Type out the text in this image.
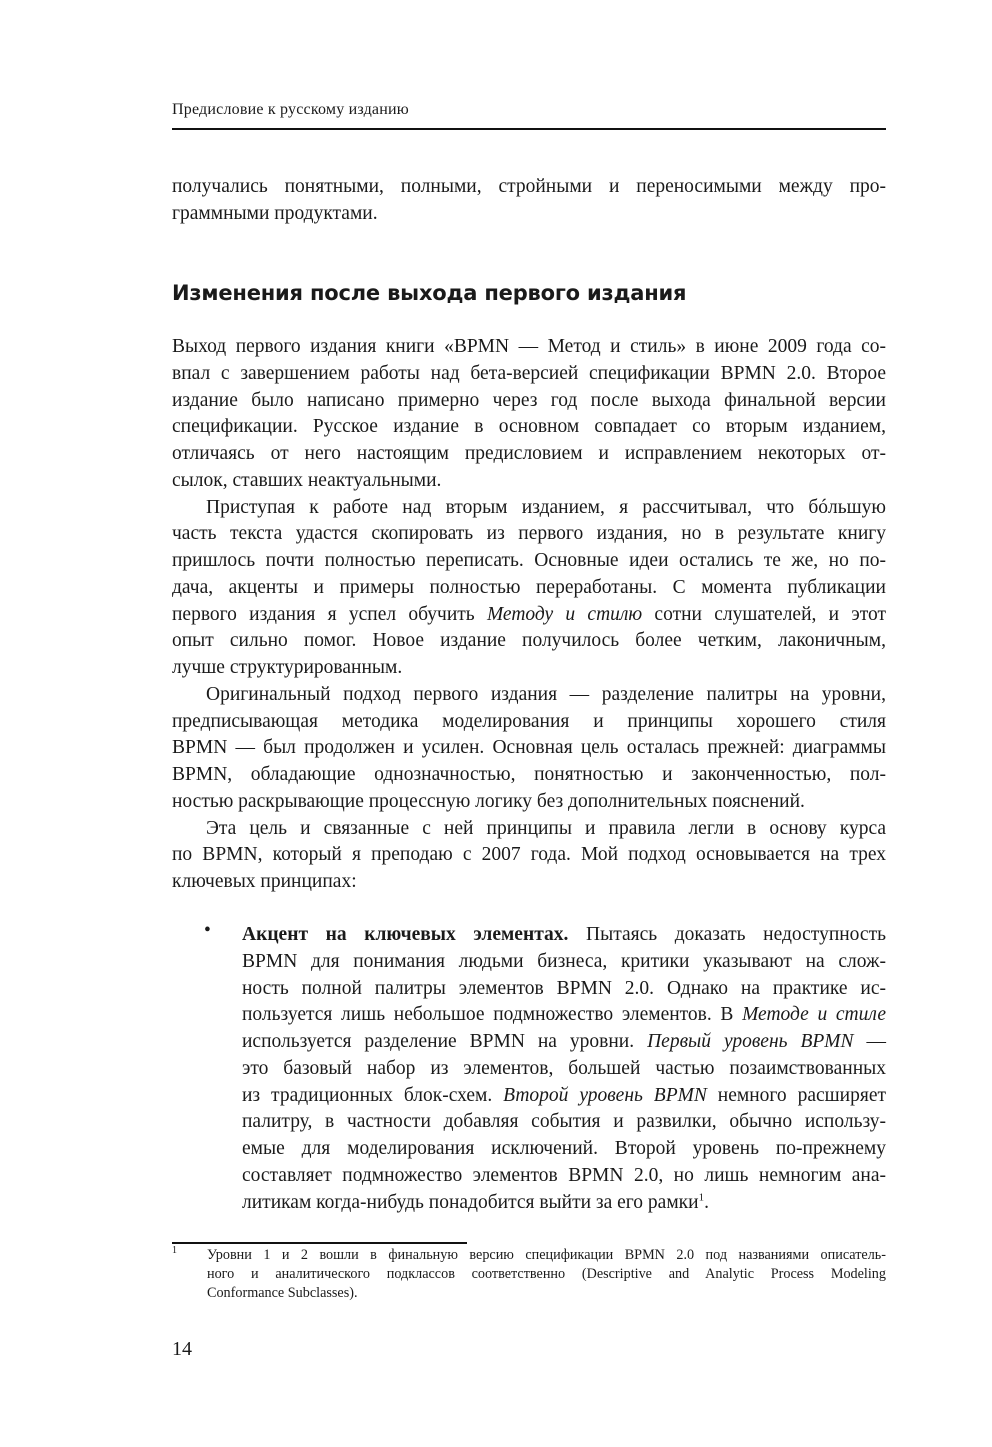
Предисловие к русскому изданию
получались понятными, полными, стройными и переносимыми между про-
граммными продуктами.
Изменения после выхода первого издания
Выход первого издания книги «BPMN — Метод и стиль» в июне 2009 года со-
впал с завершением работы над бета-версией спецификации BPMN 2.0. Второе
издание было написано примерно через год после выхода финальной версии
спецификации. Русское издание в основном совпадает со вторым изданием,
отличаясь от него настоящим предисловием и исправлением некоторых от-
сылок, ставших неактуальными.
Приступая к работе над вторым изданием, я рассчитывал, что бóльшую
часть текста удастся скопировать из первого издания, но в результате книгу
пришлось почти полностью переписать. Основные идеи остались те же, но по-
дача, акценты и примеры полностью переработаны. С момента публикации
первого издания я успел обучить Методу и стилю сотни слушателей, и этот
опыт сильно помог. Новое издание получилось более четким, лаконичным,
лучше структурированным.
Оригинальный подход первого издания — разделение палитры на уровни,
предписывающая методика моделирования и принципы хорошего стиля
BPMN — был продолжен и усилен. Основная цель осталась прежней: диаграммы
BPMN, обладающие однозначностью, понятностью и законченностью, пол-
ностью раскрывающие процессную логику без дополнительных пояснений.
Эта цель и связанные с ней принципы и правила легли в основу курса
по BPMN, который я преподаю с 2007 года. Мой подход основывается на трех
ключевых принципах:
• Акцент на ключевых элементах. Пытаясь доказать недоступность
BPMN для понимания людьми бизнеса, критики указывают на слож-
ность полной палитры элементов BPMN 2.0. Однако на практике ис-
пользуется лишь небольшое подмножество элементов. В Методе и стиле
используется разделение BPMN на уровни. Первый уровень BPMN —
это базовый набор из элементов, большей частью позаимствованных
из традиционных блок-схем. Второй уровень BPMN немного расширяет
палитру, в частности добавляя события и развилки, обычно использу-
емые для моделирования исключений. Второй уровень по-прежнему
составляет подмножество элементов BPMN 2.0, но лишь немногим ана-
литикам когда-нибудь понадобится выйти за его рамки$^1$.
1 Уровни 1 и 2 вошли в финальную версию спецификации BPMN 2.0 под названиями описатель-
ного и аналитического подклассов соответственно (Descriptive and Analytic Process Modeling
Conformance Subclasses).
14
